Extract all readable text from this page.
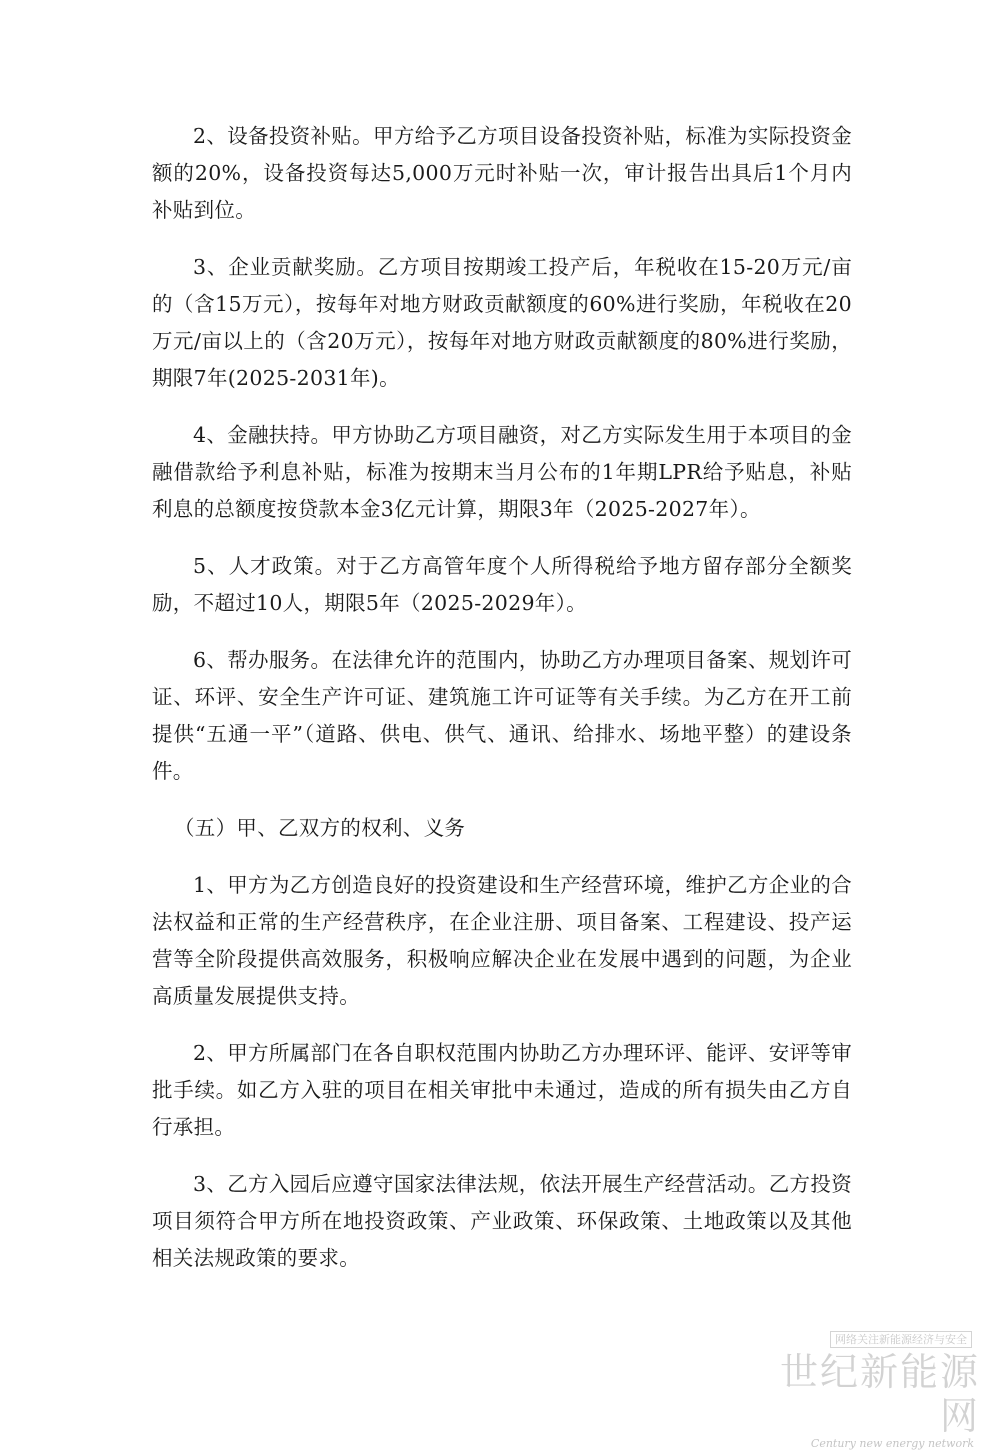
2、设备投资补贴。甲方给予乙方项目设备投资补贴，标准为实际投资金额的20%，设备投资每达5,000万元时补贴一次，审计报告出具后1个月内补贴到位。

3、企业贡献奖励。乙方项目按期竣工投产后，年税收在15-20万元/亩的（含15万元），按每年对地方财政贡献额度的60%进行奖励，年税收在20万元/亩以上的（含20万元），按每年对地方财政贡献额度的80%进行奖励，期限7年(2025-2031年)。

4、金融扶持。甲方协助乙方项目融资，对乙方实际发生用于本项目的金融借款给予利息补贴，标准为按期末当月公布的1年期LPR给予贴息，补贴利息的总额度按贷款本金3亿元计算，期限3年（2025-2027年）。

5、人才政策。对于乙方高管年度个人所得税给予地方留存部分全额奖励，不超过10人，期限5年（2025-2029年）。

6、帮办服务。在法律允许的范围内，协助乙方办理项目备案、规划许可证、环评、安全生产许可证、建筑施工许可证等有关手续。为乙方在开工前提供“五通一平”（道路、供电、供气、通讯、给排水、场地平整）的建设条件。

（五）甲、乙双方的权利、义务

1、甲方为乙方创造良好的投资建设和生产经营环境，维护乙方企业的合法权益和正常的生产经营秩序，在企业注册、项目备案、工程建设、投产运营等全阶段提供高效服务，积极响应解决企业在发展中遇到的问题，为企业高质量发展提供支持。

2、甲方所属部门在各自职权范围内协助乙方办理环评、能评、安评等审批手续。如乙方入驻的项目在相关审批中未通过，造成的所有损失由乙方自行承担。

3、乙方入园后应遵守国家法律法规，依法开展生产经营活动。乙方投资项目须符合甲方所在地投资政策、产业政策、环保政策、土地政策以及其他相关法规政策的要求。

网络关注新能源经济与安全
世纪新能源网
Century new energy network
